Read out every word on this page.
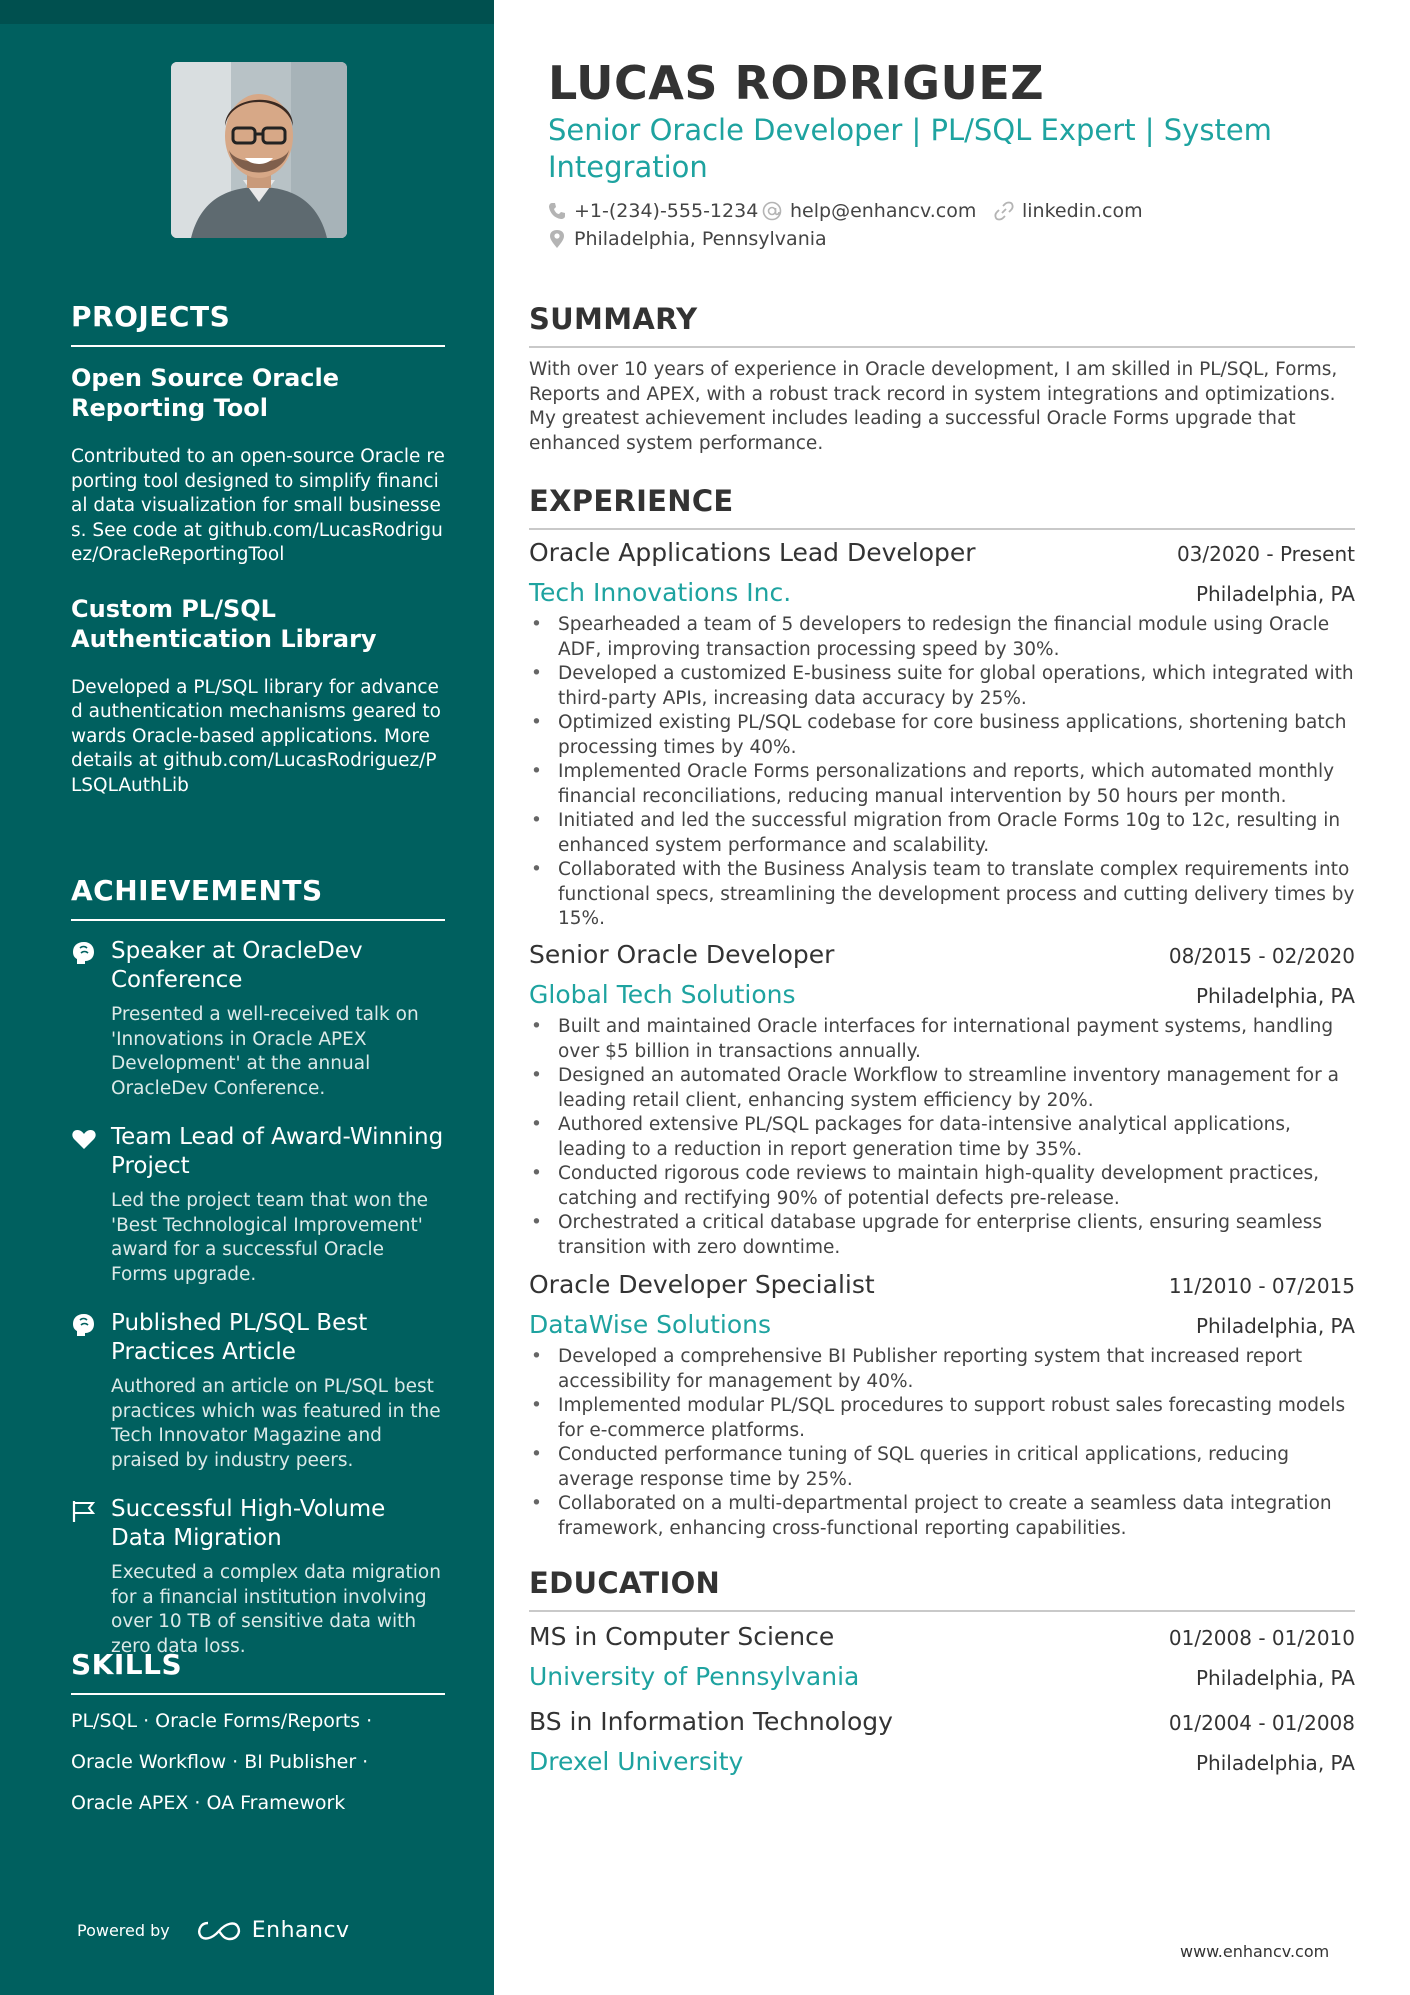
PROJECTS
Open Source Oracle Reporting Tool

Contributed to an open-source Oracle reporting tool designed to simplify financial data visualization for small businesses. See code at github.com/LucasRodriguez/OracleReportingTool

Custom PL/SQL Authentication Library

Developed a PL/SQL library for advanced authentication mechanisms geared towards Oracle-based applications. More details at github.com/LucasRodriguez/PLSQLAuthLib

ACHIEVEMENTS
Speaker at OracleDev Conference

Presented a well-received talk on 'Innovations in Oracle APEX Development' at the annual OracleDev Conference.

Team Lead of Award-Winning Project

Led the project team that won the 'Best Technological Improvement' award for a successful Oracle Forms upgrade.

Published PL/SQL Best Practices Article

Authored an article on PL/SQL best practices which was featured in the Tech Innovator Magazine and praised by industry peers.

Successful High-Volume Data Migration

Executed a complex data migration for a financial institution involving over 10 TB of sensitive data with zero data loss.

SKILLS
PL/SQL · Oracle Forms/Reports ·
Oracle Workflow · BI Publisher ·
Oracle APEX · OA Framework
Powered by	Enhancv
LUCAS RODRIGUEZ
Senior Oracle Developer | PL/SQL Expert | System Integration
+1-(234)-555-1234 help@enhancv.com linkedin.com
Philadelphia, Pennsylvania
SUMMARY

With over 10 years of experience in Oracle development, I am skilled in PL/SQL, Forms, Reports and APEX, with a robust track record in system integrations and optimizations. My greatest achievement includes leading a successful Oracle Forms upgrade that enhanced system performance.

EXPERIENCE
Oracle Applications Lead Developer	03/2020 - Present
Tech Innovations Inc.	Philadelphia, PA
• Spearheaded a team of 5 developers to redesign the financial module using Oracle ADF, improving transaction processing speed by 30%.
• Developed a customized E-business suite for global operations, which integrated with third-party APIs, increasing data accuracy by 25%.
• Optimized existing PL/SQL codebase for core business applications, shortening batch processing times by 40%.
• Implemented Oracle Forms personalizations and reports, which automated monthly financial reconciliations, reducing manual intervention by 50 hours per month.
• Initiated and led the successful migration from Oracle Forms 10g to 12c, resulting in enhanced system performance and scalability.
• Collaborated with the Business Analysis team to translate complex requirements into functional specs, streamlining the development process and cutting delivery times by 15%.
Senior Oracle Developer	08/2015 - 02/2020
Global Tech Solutions	Philadelphia, PA
• Built and maintained Oracle interfaces for international payment systems, handling over $5 billion in transactions annually.
• Designed an automated Oracle Workflow to streamline inventory management for a leading retail client, enhancing system efficiency by 20%.
• Authored extensive PL/SQL packages for data-intensive analytical applications, leading to a reduction in report generation time by 35%.
• Conducted rigorous code reviews to maintain high-quality development practices, catching and rectifying 90% of potential defects pre-release.
• Orchestrated a critical database upgrade for enterprise clients, ensuring seamless transition with zero downtime.
Oracle Developer Specialist	11/2010 - 07/2015
DataWise Solutions	Philadelphia, PA
• Developed a comprehensive BI Publisher reporting system that increased report accessibility for management by 40%.
• Implemented modular PL/SQL procedures to support robust sales forecasting models for e-commerce platforms.
• Conducted performance tuning of SQL queries in critical applications, reducing average response time by 25%.
• Collaborated on a multi-departmental project to create a seamless data integration framework, enhancing cross-functional reporting capabilities.
EDUCATION
MS in Computer Science	01/2008 - 01/2010
University of Pennsylvania	Philadelphia, PA
BS in Information Technology	01/2004 - 01/2008
Drexel University	Philadelphia, PA
www.enhancv.com
